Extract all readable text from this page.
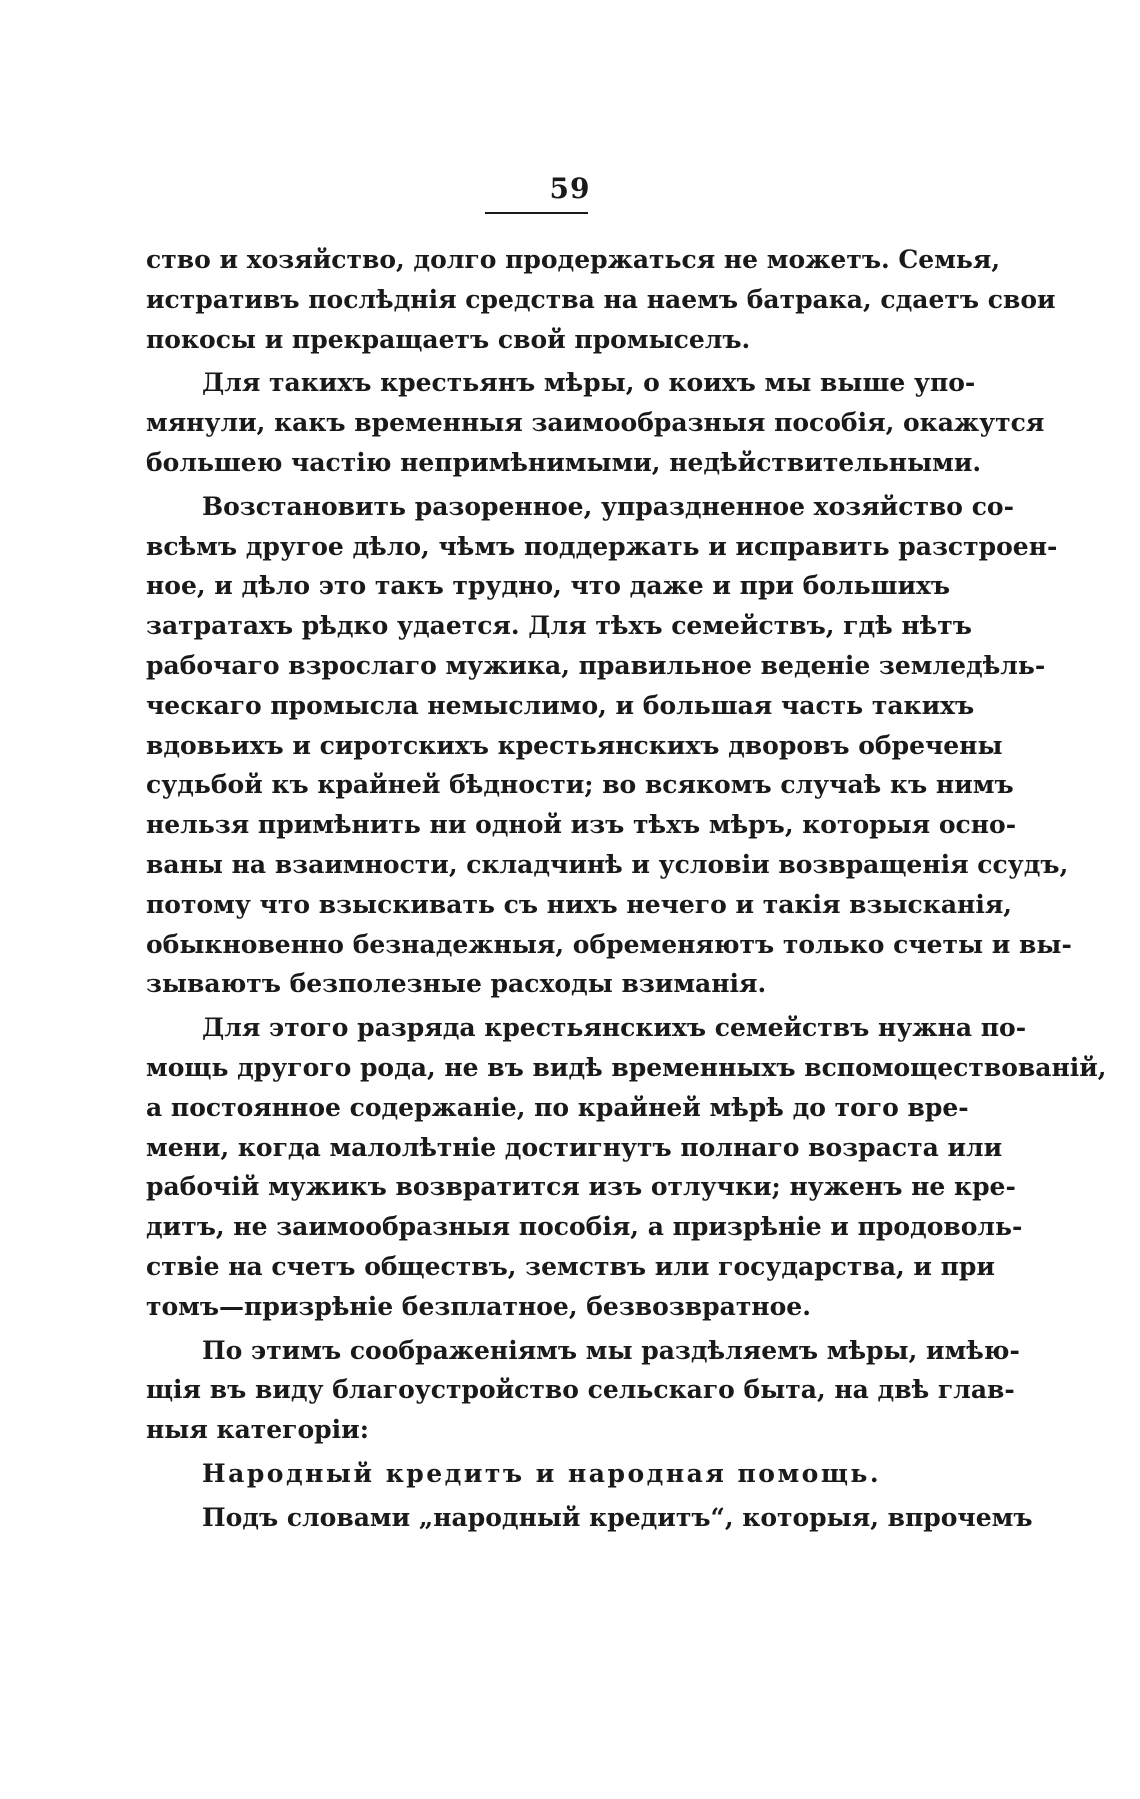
59
ство и хозяйство, долго продержаться не можетъ. Семья,
истративъ послѣднія средства на наемъ батрака, сдаетъ свои
покосы и прекращаетъ свой промыселъ.
Для такихъ крестьянъ мѣры, о коихъ мы выше упо-
мянули, какъ временныя заимообразныя пособія, окажутся
большею частію непримѣнимыми, недѣйствительными.
Возстановить разоренное, упраздненное хозяйство со-
всѣмъ другое дѣло, чѣмъ поддержать и исправить разстроен-
ное, и дѣло это такъ трудно, что даже и при большихъ
затратахъ рѣдко удается. Для тѣхъ семействъ, гдѣ нѣтъ
рабочаго взрослаго мужика, правильное веденіе земледѣль-
ческаго промысла немыслимо, и большая часть такихъ
вдовьихъ и сиротскихъ крестьянскихъ дворовъ обречены
судьбой къ крайней бѣдности; во всякомъ случаѣ къ нимъ
нельзя примѣнить ни одной изъ тѣхъ мѣръ, которыя осно-
ваны на взаимности, складчинѣ и условіи возвращенія ссудъ,
потому что взыскивать съ нихъ нечего и такія взысканія,
обыкновенно безнадежныя, обременяютъ только счеты и вы-
зываютъ безполезные расходы взиманія.
Для этого разряда крестьянскихъ семействъ нужна по-
мощь другого рода, не въ видѣ временныхъ вспомоществованій,
а постоянное содержаніе, по крайней мѣрѣ до того вре-
мени, когда малолѣтніе достигнутъ полнаго возраста или
рабочій мужикъ возвратится изъ отлучки; нуженъ не кре-
дитъ, не заимообразныя пособія, а призрѣніе и продоволь-
ствіе на счетъ обществъ, земствъ или государства, и при
томъ—призрѣніе безплатное, безвозвратное.
По этимъ соображеніямъ мы раздѣляемъ мѣры, имѣю-
щія въ виду благоустройство сельскаго быта, на двѣ глав-
ныя категоріи:
Народный кредитъ и народная помощь.
Подъ словами „народный кредитъ“, которыя, впрочемъ
